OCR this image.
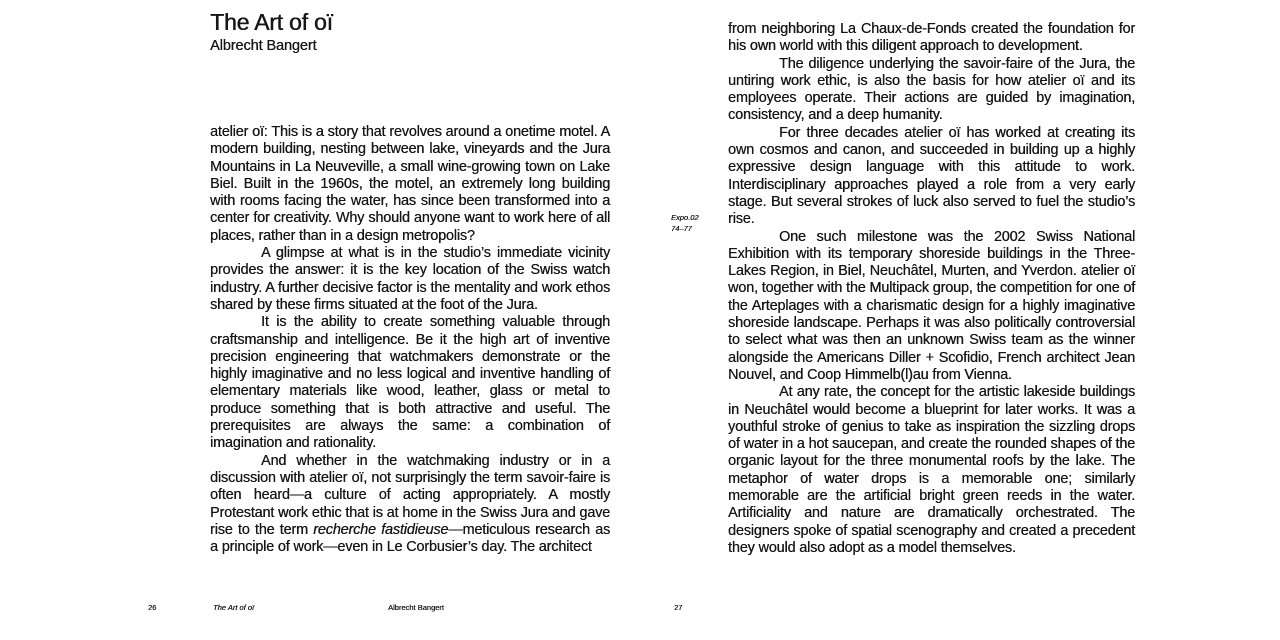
The Art of oï
Albrecht Bangert

atelier oï: This is a story that revolves around a onetime motel. A modern building, nesting between lake, vineyards and the Jura Mountains in La Neuveville, a small wine-growing town on Lake Biel. Built in the 1960s, the motel, an extremely long building with rooms facing the water, has since been transformed into a center for creativity. Why should anyone want to work here of all places, rather than in a design metropolis?

A glimpse at what is in the studio’s immediate vicinity provides the answer: it is the key location of the Swiss watch industry. A further decisive factor is the mentality and work ethos shared by these firms situated at the foot of the Jura.

It is the ability to create something valuable through craftsmanship and intelligence. Be it the high art of inventive precision engineering that watchmakers demonstrate or the highly imaginative and no less logical and inventive handling of elementary materials like wood, leather, glass or metal to produce something that is both attractive and useful. The prerequisites are always the same: a combination of imagination and rationality.

And whether in the watchmaking industry or in a discussion with atelier oï, not surprisingly the term savoir-faire is often heard—a culture of acting appropriately. A mostly Protestant work ethic that is at home in the Swiss Jura and gave rise to the term recherche fastidieuse—meticulous research as a principle of work—even in Le Corbusier’s day. The architect

Expo.02
74–77

from neighboring La Chaux-de-Fonds created the foundation for his own world with this diligent approach to development.

The diligence underlying the savoir-faire of the Jura, the untiring work ethic, is also the basis for how atelier oï and its employees operate. Their actions are guided by imagination, consistency, and a deep humanity.

For three decades atelier oï has worked at creating its own cosmos and canon, and succeeded in building up a highly expressive design language with this attitude to work. Interdisciplinary approaches played a role from a very early stage. But several strokes of luck also served to fuel the studio’s rise.

One such milestone was the 2002 Swiss National Exhibition with its temporary shoreside buildings in the Three-Lakes Region, in Biel, Neuchâtel, Murten, and Yverdon. atelier oï won, together with the Multipack group, the competition for one of the Arteplages with a charismatic design for a highly imaginative shoreside landscape. Perhaps it was also politically controversial to select what was then an unknown Swiss team as the winner alongside the Americans Diller + Scofidio, French architect Jean Nouvel, and Coop Himmelb(l)au from Vienna.

At any rate, the concept for the artistic lakeside buildings in Neuchâtel would become a blueprint for later works. It was a youthful stroke of genius to take as inspiration the sizzling drops of water in a hot saucepan, and create the rounded shapes of the organic layout for the three monumental roofs by the lake. The metaphor of water drops is a memorable one; similarly memorable are the artificial bright green reeds in the water. Artificiality and nature are dramatically orchestrated. The designers spoke of spatial scenography and created a precedent they would also adopt as a model themselves.

26	The Art of oï	Albrecht Bangert	27
